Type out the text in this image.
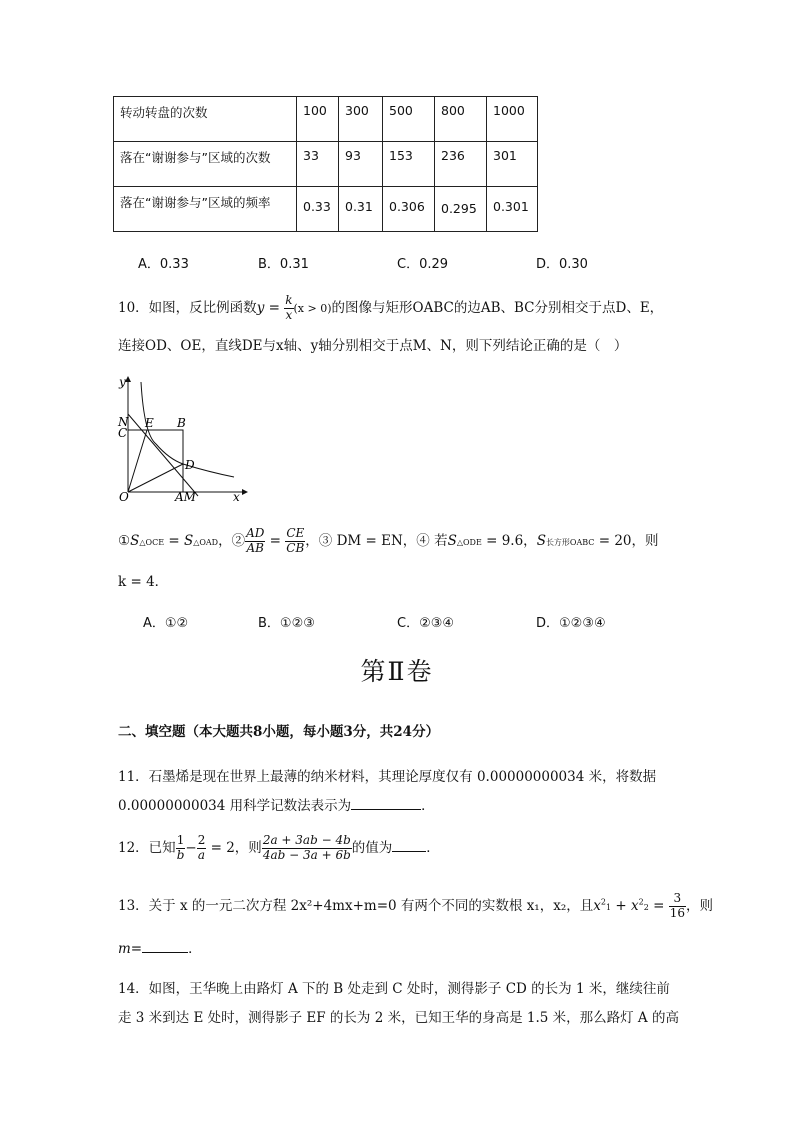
转动转盘的次数	100	300	500	800	1000
落在“谢谢参与”区域的次数	33	93	153	236	301
落在“谢谢参与”区域的频率	0.33	0.31	0.306	0.295	0.301
A．0.33	B．0.31	C．0.29	D．0.30
10．如图，反比例函数$y = \frac{k}{x} (x > 0)$的图像与矩形OABC的边AB、BC分别相交于点D、E，
连接OD、OE，直线DE与x轴、y轴分别相交于点M、N，则下列结论正确的是（　）
y
x
N
C
E B
D
O	AM
①S△OCE = S△OAD，② $\frac{AD}{AB} = \frac{CE}{CB}$ ，③ DM = EN，④ 若S△ODE = 9.6，S长方形OABC = 20，则
k = 4．
A．①②	B．①②③	C．②③④	D．①②③④
第Ⅱ卷
二、填空题（本大题共8小题，每小题3分，共24分）
11．石墨烯是现在世界上最薄的纳米材料，其理论厚度仅有 0.00000000034 米，将数据
0.00000000034 用科学记数法表示为	．
12．已知 $\frac{1}{b} - \frac{2}{a} = 2$，则 $\frac{2a + 3ab - 4b}{4ab - 3a + 6b}$ 的值为	．
13．关于 x 的一元二次方程 2x²+4mx+m=0 有两个不同的实数根 x₁，x₂，且$x^21 + x^22 = \frac{3}{16}$ ，则
m=	．
14．如图，王华晚上由路灯 A 下的 B 处走到 C 处时，测得影子 CD 的长为 1 米，继续往前
走 3 米到达 E 处时，测得影子 EF 的长为 2 米，已知王华的身高是 1.5 米，那么路灯 A 的高
